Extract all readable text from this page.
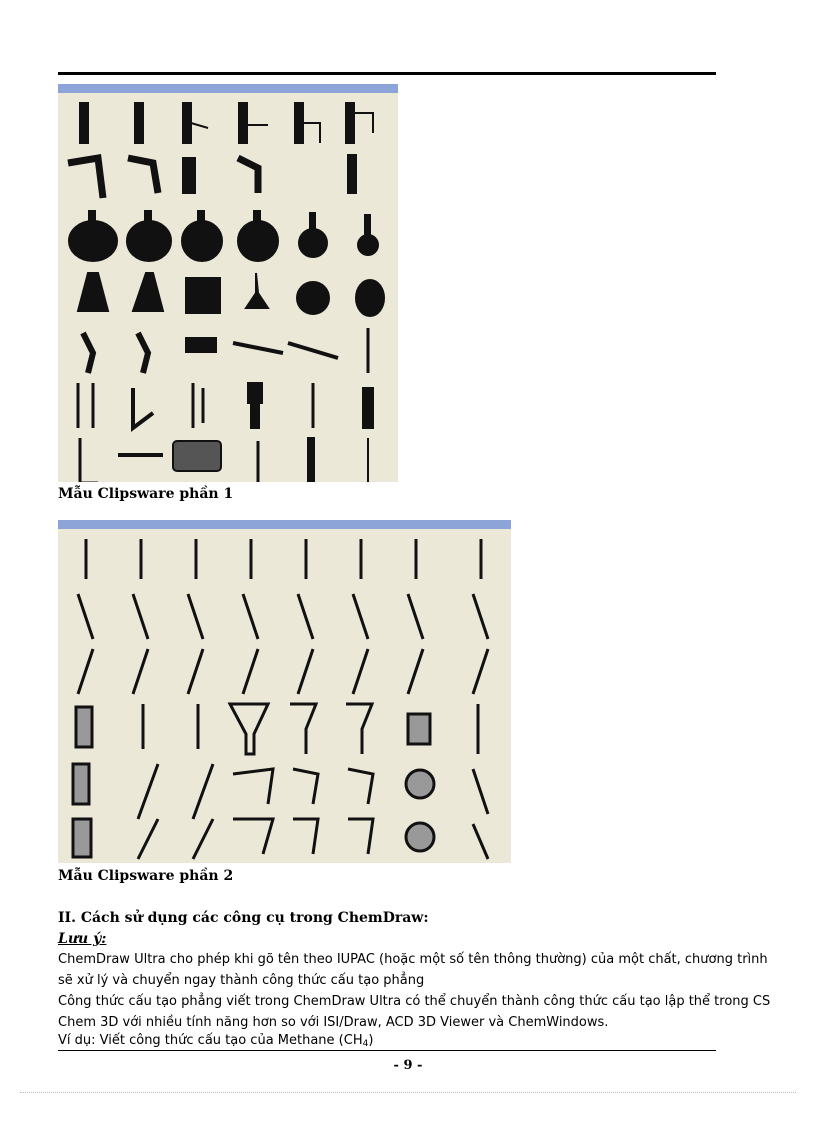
Mẫu Clipsware phần 1
Mẫu Clipsware phần 2
II. Cách sử dụng các công cụ trong ChemDraw:
Lưu ý:
ChemDraw Ultra cho phép khi gõ tên theo IUPAC (hoặc một số tên thông thường) của một chất, chương trình sẽ xử lý và chuyển ngay thành công thức cấu tạo phẳng
Công thức cấu tạo phẳng viết trong ChemDraw Ultra có thể chuyển thành công thức cấu tạo lập thể trong CS Chem 3D với nhiều tính năng hơn so với ISI/Draw, ACD 3D Viewer và ChemWindows.
Ví dụ: Viết công thức cấu tạo của Methane $(CH_4)$
- 9 -
